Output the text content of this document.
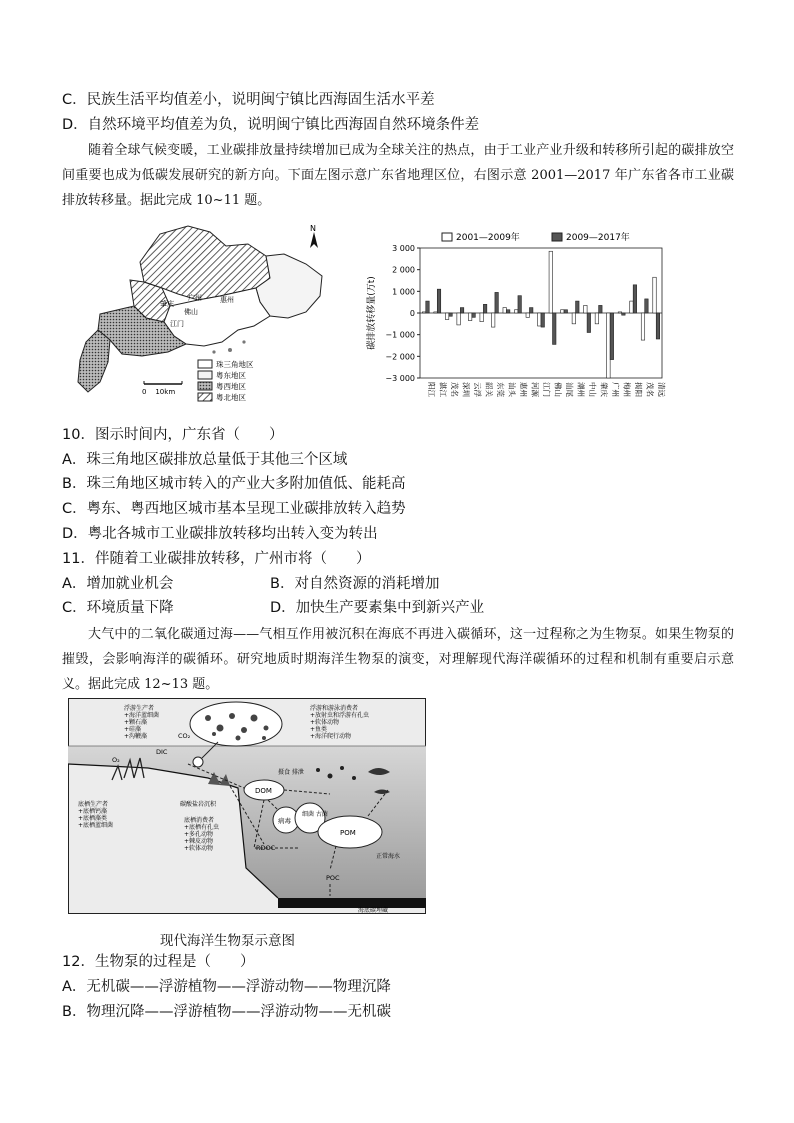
C．民族生活平均值差小，说明闽宁镇比西海固生活水平差
D．自然环境平均值差为负，说明闽宁镇比西海固自然环境条件差
随着全球气候变暖，工业碳排放量持续增加已成为全球关注的热点，由于工业产业升级和转移所引起的碳排放空间重要也成为低碳发展研究的新方向。下面左图示意广东省地理区位，右图示意 2001—2017 年广东省各市工业碳排放转移量。据此完成 10~11 题。
肇庆
广州	惠州
江门
佛山
N
0    10km
珠三角地区
粤东地区
粤西地区
粤北地区
3 000
2 000
1 000
0
−1 000
−2 000
−3 000
碳排放转移量(万t)
2001—2009年	2009—2017年
阳江 湛江 茂名 深圳 云浮 韶关 东莞 汕头 惠州 河源 江门 佛山 汕尾 潮州 中山 肇庆 广州 梅州 揭阳 茂名 清远
10．图示时间内，广东省（　　）
A．珠三角地区碳排放总量低于其他三个区域
B．珠三角地区城市转入的产业大多附加值低、能耗高
C．粤东、粤西地区城市基本呈现工业碳排放转入趋势
D．粤北各城市工业碳排放转移均出转入变为转出
11．伴随着工业碳排放转移，广州市将（　　）
A．增加就业机会	B．对自然资源的消耗增加
C．环境质量下降	D．加快生产要素集中到新兴产业
大气中的二氧化碳通过海——气相互作用被沉积在海底不再进入碳循环，这一过程称之为生物泵。如果生物泵的摧毁，会影响海洋的碳循环。研究地质时期海洋生物泵的演变，对理解现代海洋碳循环的过程和机制有重要启示意义。据此完成 12~13 题。
浮游生产者
+海洋蓝细菌
+颗石藻
+硅藻
+沟鞭藻
浮游和游泳消费者
+放射虫和浮游有孔虫
+软体动物
+鱼类
+海洋爬行动物
CO₂
O₂
DIC
底栖生产者
+底栖钙藻
+底栖藻类
+底栖蓝细菌
碳酸盐岩沉积
底栖消费者
+底栖有孔虫
+多孔动物
+棘皮动物
+软体动物
DOM
病毒
细菌 古菌
POM
摄食 排泄
RDOC
POC
正常海水
海底碳埋藏
现代海洋生物泵示意图
12．生物泵的过程是（　　）
A．无机碳——浮游植物——浮游动物——物理沉降
B．物理沉降——浮游植物——浮游动物——无机碳
